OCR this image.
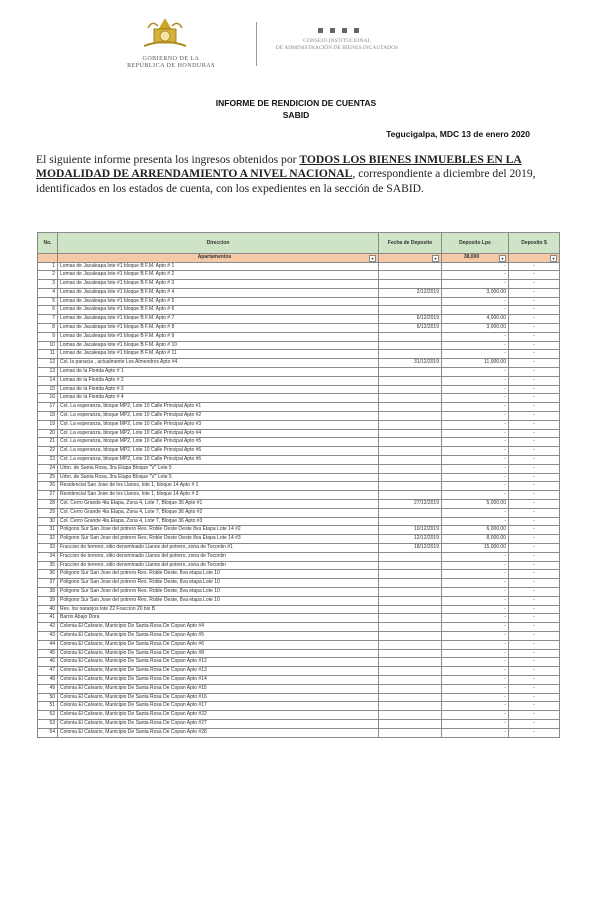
GOBIERNO DE LA
REPÚBLICA DE HONDURAS
CONSEJO INSTITUCIONAL
DE ADMINISTRACIÓN DE BIENES INCAUTADOS
INFORME DE RENDICION DE CUENTAS
SABID
Tegucigalpa, MDC 13 de enero 2020
El siguiente informe presenta los ingresos obtenidos por TODOS LOS BIENES INMUEBLES EN LA MODALIDAD DE ARRENDAMIENTO A NIVEL NACIONAL, correspondiente a diciembre del 2019, identificados en los estados de cuenta, con los expedientes en la sección de SABID.
No.	Direccion	Fecha de Deposito	Deposito Lps	Deposito $
	Apartamentos ▾	▾	38,000 ▾	▾

1	Lomas de Jacaleapa lote #1 bloque B F.M. Apto # 1		-	-
2	Lomas de Jacaleapa lote #1 bloque B F.M. Apto # 2		-	-
3	Lomas de Jacaleapa lote #1 bloque B F.M. Apto # 3		-	-
4	Lomas de Jacaleapa lote #1 bloque B F.M. Apto # 4	2/12/2019	3,000.00	-
5	Lomas de Jacaleapa lote #1 bloque B F.M. Apto # 5		-	-
6	Lomas de Jacaleapa lote #1 bloque B F.M. Apto # 6		-	-
7	Lomas de Jacaleapa lote #1 bloque B F.M. Apto # 7	6/12/2019	4,000.00	-
8	Lomas de Jacaleapa lote #1 bloque B F.M. Apto # 8	6/12/2019	3,000.00	-
9	Lomas de Jacaleapa lote #1 bloque B F.M. Apto # 9		-	-
10	Lomas de Jacaleapa lote #1 bloque B F.M. Apto # 10		-	-
11	Lomas de Jacaleapa lote #1 bloque B F.M. Apto # 11		-	-
12	Col. la panacia , actualmente Los Almendros Apto #4	31/12/2019	11,000.00	-
13	Lomas de la Florida Apto # 1		-	-
14	Lomas de la Florida Apto # 2		-	-
15	Lomas de la Florida Apto # 3		-	-
16	Lomas de la Florida Apto # 4		-	-
17	Col. La esperanza, bloque MP2, Lote 10 Calle Principal Apto #1		-	-
18	Col. La esperanza, bloque MP2, Lote 10 Calle Principal Apto #2		-	-
19	Col. La esperanza, bloque MP2, Lote 10 Calle Principal Apto #3		-	-
20	Col. La esperanza, bloque MP2, Lote 10 Calle Principal Apto #4		-	-
21	Col. La esperanza, bloque MP2, Lote 10 Calle Principal Apto #5		-	-
22	Col. La esperanza, bloque MP2, Lote 10 Calle Principal Apto #6		-	-
23	Col. La esperanza, bloque MP2, Lote 10 Calle Principal Apto #6		-	-
24	Urbn. de Santa Rosa, 3ra Etapa Bloque "V" Lote 5		-	-
25	Urbn. de Santa Rosa, 3ra Etapa Bloque "V" Lote 5		-	-
26	Residencial San Jose de los Llanos, lote 1, bloque 14 Apto # 1		-	-
27	Residencial San Jose de los Llanos, lote 1, bloque 14 Apto # 3		-	-
28	Col. Cerro Grande 4ta Etapa, Zona 4, Lote 7, Bloque 36 Apto #1	27/12/2019	5,000.00	-
29	Col. Cerro Grande 4ta Etapa, Zona 4, Lote 7, Bloque 36 Apto #2		-	-
30	Col. Cerro Grande 4ta Etapa, Zona 4, Lote 7, Bloque 36 Apto #3		-	-
31	Poligono Sur San Jose del potrero Res. Roble Oeste Oeste 8va Etapa Lote 14 #2	10/12/2019	6,000.00	-
32	Poligono Sur San Jose del potrero Res. Roble Oeste Oeste 8va Etapa Lote 14 #3	12/12/2019	8,000.00	-
33	Fraccion de terreno, sitio denominado Llanos del potrero, zona de Tocontin #1	18/12/2019	15,000.00	-
34	Fraccion de terreno, sitio denominado Llanos del potrero, zona de Tocontin		-	-
35	Fraccion de terreno, sitio denominado Llanos del potrero, zona de Tocontin		-	-
36	Poligono Sur San Jose del potrero Res. Roble Oeste, 8va etapa Lote 10		-	-
37	Poligono Sur San Jose del potrero Res. Roble Oeste, 8va etapa Lote 10		-	-
38	Poligono Sur San Jose del potrero Res. Roble Oeste, 8va etapa Lote 10		-	-
39	Poligono Sur San Jose del potrero Res. Roble Oeste, 8va etapa Lote 10		-	-
40	Res. los naranjos lote 22 Fraccion 20 bis B		-	-
41	Barrio Abajo Dora		-	-
42	Colonia El Calvario, Municipio De Santa Rosa De Copan Apto #4		-	-
43	Colonia El Calvario, Municipio De Santa Rosa De Copan Apto #5		-	-
44	Colonia El Calvario, Municipio De Santa Rosa De Copan Apto #6		-	-
45	Colonia El Calvario, Municipio De Santa Rosa De Copan Apto #8		-	-
46	Colonia El Calvario, Municipio De Santa Rosa De Copan Apto #12		-	-
47	Colonia El Calvario, Municipio De Santa Rosa De Copan Apto #13		-	-
48	Colonia El Calvario, Municipio De Santa Rosa De Copan Apto #14		-	-
49	Colonia El Calvario, Municipio De Santa Rosa De Copan Apto #15		-	-
50	Colonia El Calvario, Municipio De Santa Rosa De Copan Apto #16		-	-
51	Colonia El Calvario, Municipio De Santa Rosa De Copan Apto #17		-	-
52	Colonia El Calvario, Municipio De Santa Rosa De Copan Apto #22		-	-
53	Colonia El Calvario, Municipio De Santa Rosa De Copan Apto #27		-	-
54	Colonia El Calvario, Municipio De Santa Rosa De Copan Apto #28		-	-
